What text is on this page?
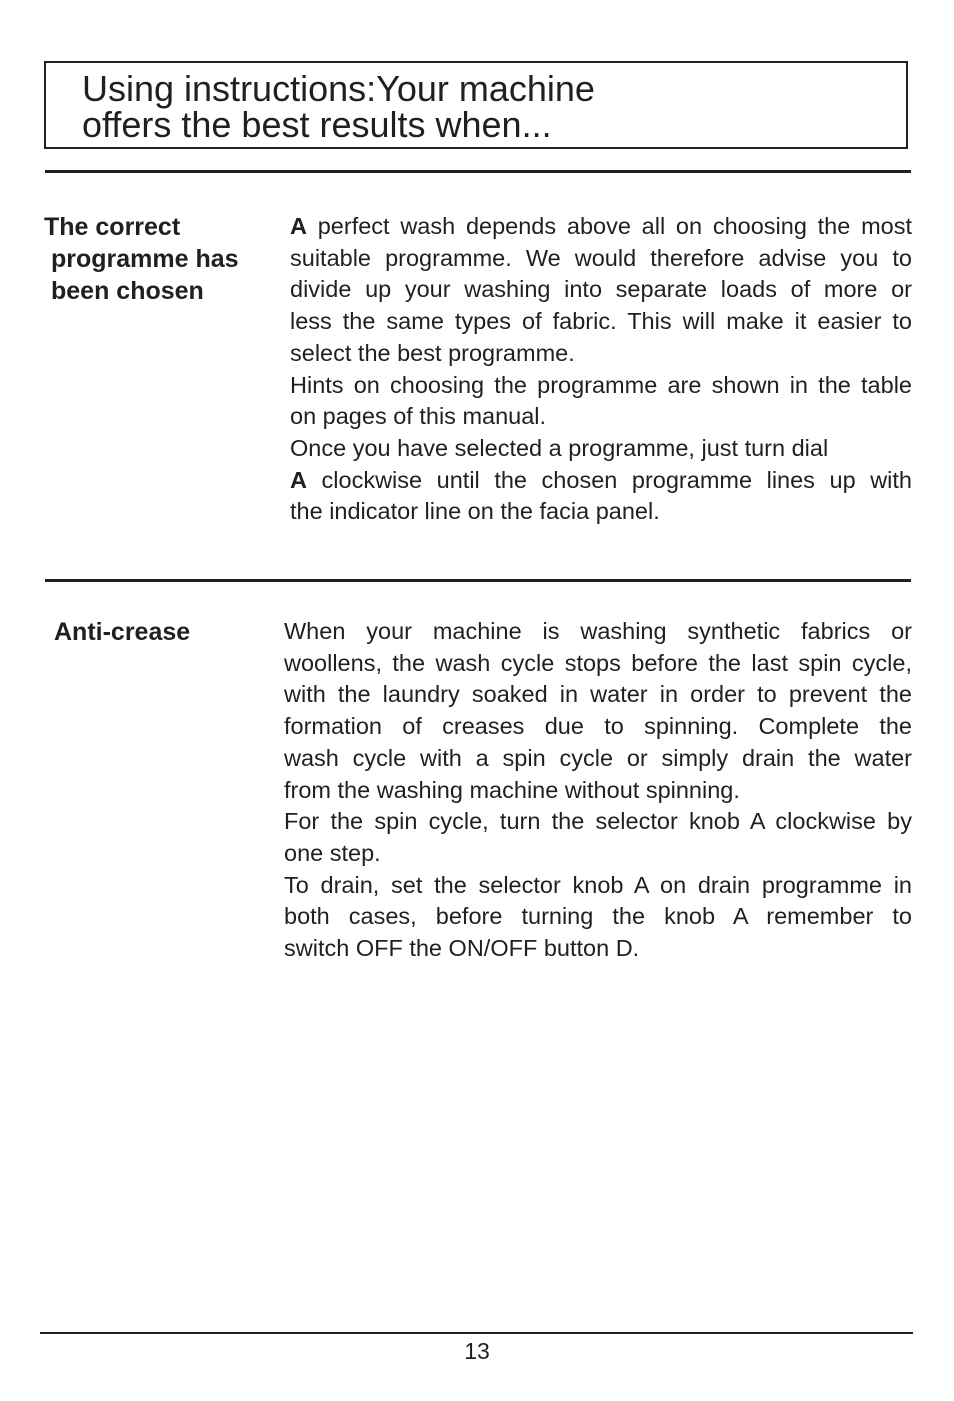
Using instructions:Your machine
offers the best results when...
The correct
programme has
been chosen
A perfect wash depends above all on choosing the most
suitable programme. We would therefore advise you to
divide up your washing into separate loads of more or
less the same types of fabric. This will make it easier to
select the best programme.
Hints on choosing the programme are shown in the table
on pages of this manual.
Once you have selected a programme, just turn dial
A clockwise until the chosen programme lines up with
the indicator line on the facia panel.
Anti-crease	When your machine is washing synthetic fabrics or
woollens, the wash cycle stops before the last spin cycle,
with the laundry soaked in water in order to prevent the
formation of creases due to spinning. Complete the
wash cycle with a spin cycle or simply drain the water
from the washing machine without spinning.
For the spin cycle, turn the selector knob A clockwise by
one step.
To drain, set the selector knob A on drain programme in
both cases, before turning the knob A remember to
switch OFF the ON/OFF button D.
13
